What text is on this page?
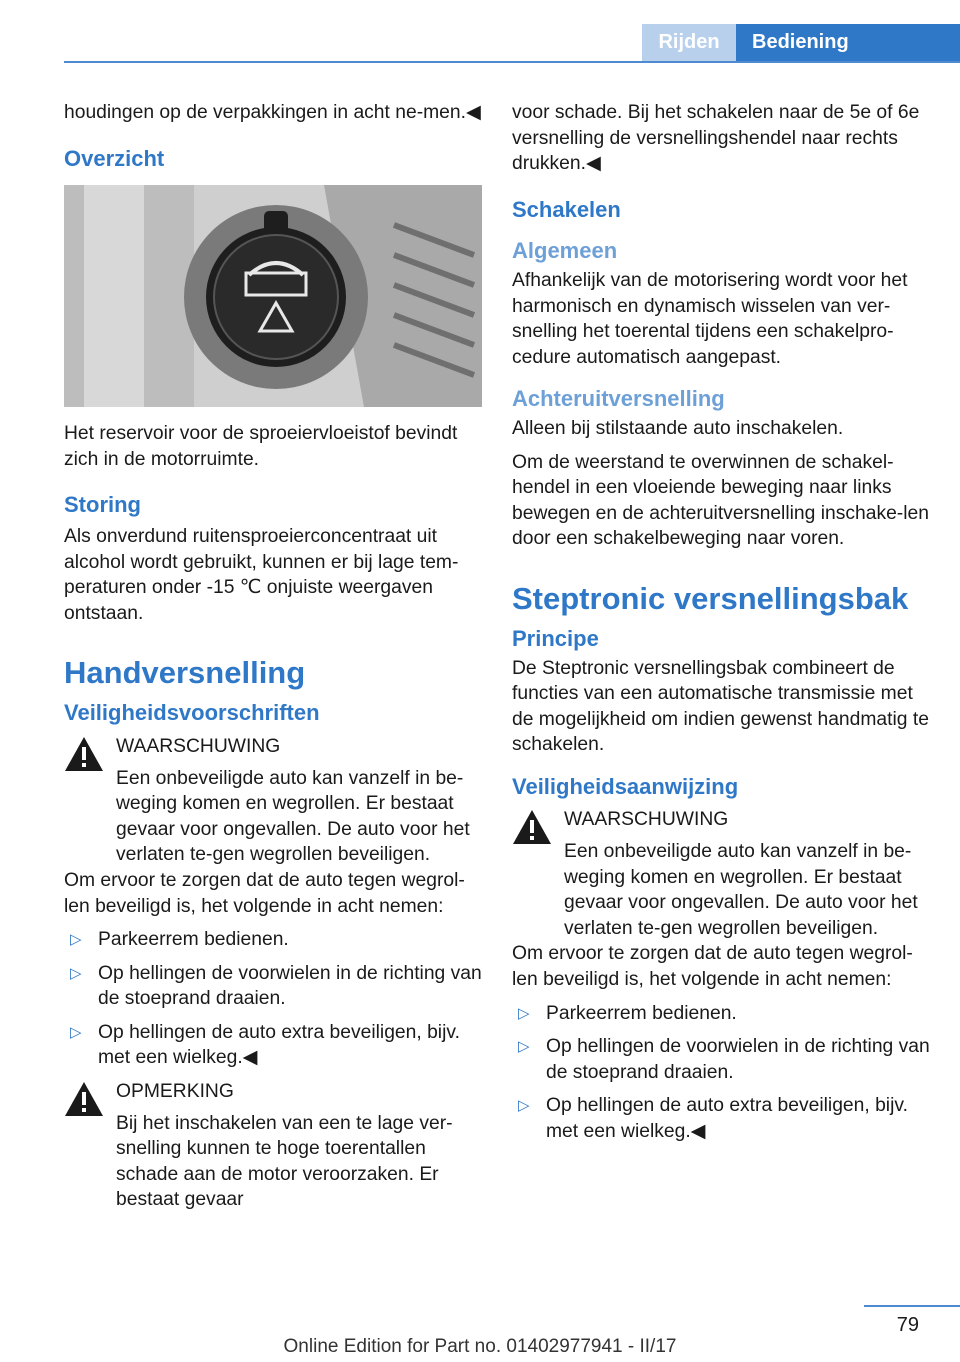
Rijden	Bediening

houdingen op de verpakkingen in acht ne‐men.◀

Overzicht

Het reservoir voor de sproeiervloeistof bevindt zich in de motorruimte.

Storing

Als onverdund ruitensproeierconcentraat uit alcohol wordt gebruikt, kunnen er bij lage tem‐peraturen onder -15 ℃ onjuiste weergaven ontstaan.

Handversnelling
Veiligheidsvoorschriften
WAARSCHUWING
Een onbeveiligde auto kan vanzelf in be‐weging komen en wegrollen. Er bestaat gevaar voor ongevallen. De auto voor het verlaten te‐gen wegrollen beveiligen.

Om ervoor te zorgen dat de auto tegen wegrol‐len beveiligd is, het volgende in acht nemen:

▷ Parkeerrem bedienen.
▷ Op hellingen de voorwielen in de richting van de stoeprand draaien.
▷ Op hellingen de auto extra beveiligen, bijv. met een wielkeg.◀
OPMERKING
Bij het inschakelen van een te lage ver‐snelling kunnen te hoge toerentallen schade aan de motor veroorzaken. Er bestaat gevaar

voor schade. Bij het schakelen naar de 5e of 6e versnelling de versnellingshendel naar rechts drukken.◀

Schakelen
Algemeen

Afhankelijk van de motorisering wordt voor het harmonisch en dynamisch wisselen van ver‐snelling het toerental tijdens een schakelpro‐cedure automatisch aangepast.

Achteruitversnelling

Alleen bij stilstaande auto inschakelen.

Om de weerstand te overwinnen de schakel‐hendel in een vloeiende beweging naar links bewegen en de achteruitversnelling inschake‐len door een schakelbeweging naar voren.

Steptronic versnellingsbak
Principe

De Steptronic versnellingsbak combineert de functies van een automatische transmissie met de mogelijkheid om indien gewenst handmatig te schakelen.

Veiligheidsaanwijzing
WAARSCHUWING
Een onbeveiligde auto kan vanzelf in be‐weging komen en wegrollen. Er bestaat gevaar voor ongevallen. De auto voor het verlaten te‐gen wegrollen beveiligen.

Om ervoor te zorgen dat de auto tegen wegrol‐len beveiligd is, het volgende in acht nemen:

▷ Parkeerrem bedienen.
▷ Op hellingen de voorwielen in de richting van de stoeprand draaien.
▷ Op hellingen de auto extra beveiligen, bijv. met een wielkeg.◀
79
Online Edition for Part no. 01402977941 - II/17
